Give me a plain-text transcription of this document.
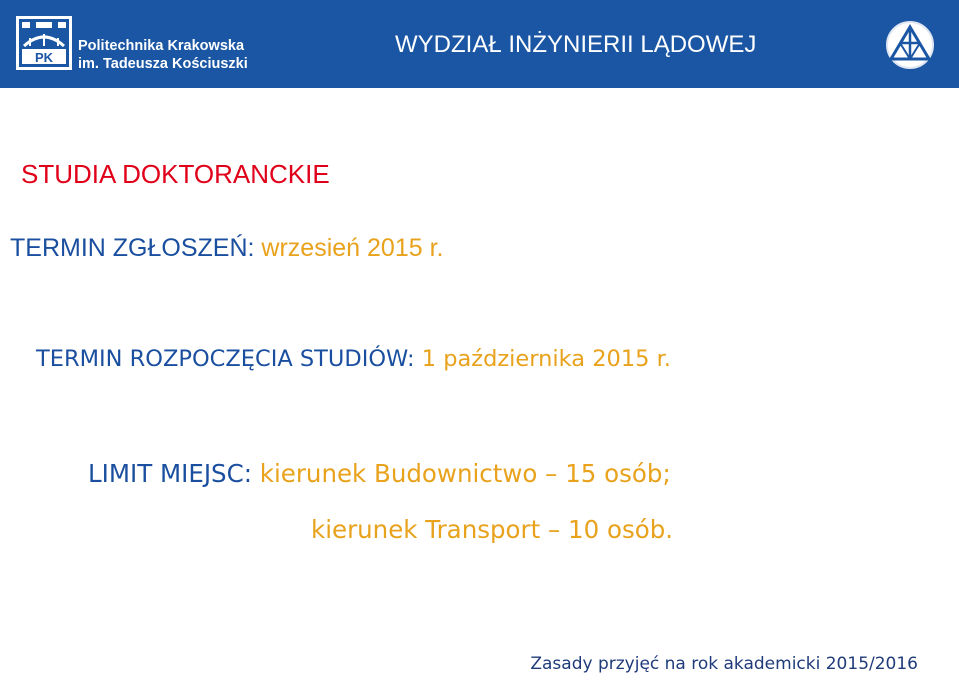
PK
Politechnika Krakowska
im. Tadeusza Kościuszki
WYDZIAŁ INŻYNIERII LĄDOWEJ
STUDIA DOKTORANCKIE
TERMIN ZGŁOSZEŃ: wrzesień 2015 r.
TERMIN ROZPOCZĘCIA STUDIÓW: 1 października 2015 r.
LIMIT MIEJSC: kierunek Budownictwo – 15 osób;
kierunek Transport – 10 osób.
Zasady przyjęć na rok akademicki 2015/2016
